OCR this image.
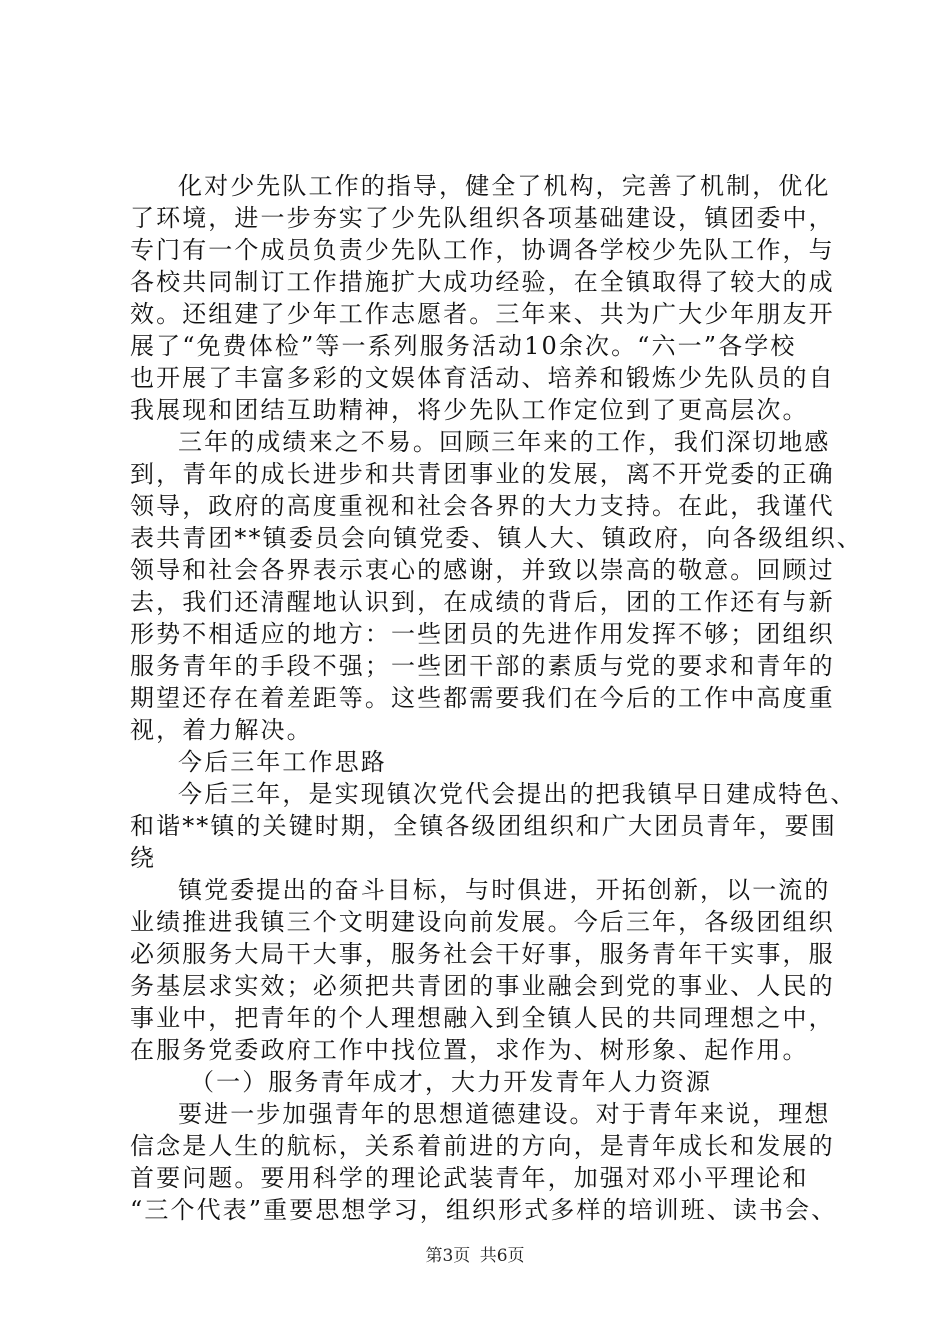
化对少先队工作的指导，健全了机构，完善了机制，优化
了环境，进一步夯实了少先队组织各项基础建设，镇团委中，
专门有一个成员负责少先队工作，协调各学校少先队工作，与
各校共同制订工作措施扩大成功经验，在全镇取得了较大的成
效。还组建了少年工作志愿者。三年来、共为广大少年朋友开
展了“免费体检”等一系列服务活动10余次。“六一”各学校
也开展了丰富多彩的文娱体育活动、培养和锻炼少先队员的自
我展现和团结互助精神，将少先队工作定位到了更高层次。
三年的成绩来之不易。回顾三年来的工作，我们深切地感
到，青年的成长进步和共青团事业的发展，离不开党委的正确
领导，政府的高度重视和社会各界的大力支持。在此，我谨代
表共青团**镇委员会向镇党委、镇人大、镇政府，向各级组织、
领导和社会各界表示衷心的感谢，并致以崇高的敬意。回顾过
去，我们还清醒地认识到，在成绩的背后，团的工作还有与新
形势不相适应的地方：一些团员的先进作用发挥不够；团组织
服务青年的手段不强；一些团干部的素质与党的要求和青年的
期望还存在着差距等。这些都需要我们在今后的工作中高度重
视，着力解决。
今后三年工作思路
今后三年，是实现镇次党代会提出的把我镇早日建成特色、
和谐**镇的关键时期，全镇各级团组织和广大团员青年，要围
绕
镇党委提出的奋斗目标，与时俱进，开拓创新，以一流的
业绩推进我镇三个文明建设向前发展。今后三年，各级团组织
必须服务大局干大事，服务社会干好事，服务青年干实事，服
务基层求实效；必须把共青团的事业融会到党的事业、人民的
事业中，把青年的个人理想融入到全镇人民的共同理想之中，
在服务党委政府工作中找位置，求作为、树形象、起作用。
（一）服务青年成才，大力开发青年人力资源
要进一步加强青年的思想道德建设。对于青年来说，理想
信念是人生的航标，关系着前进的方向，是青年成长和发展的
首要问题。要用科学的理论武装青年，加强对邓小平理论和
“三个代表”重要思想学习，组织形式多样的培训班、读书会、
第3页 共6页
